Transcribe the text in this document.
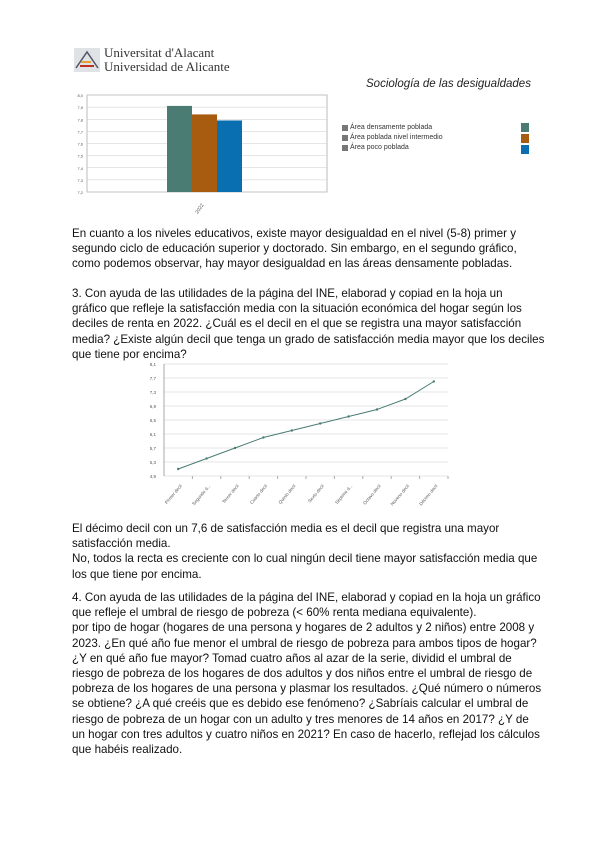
Universitat d'Alacant
Universidad de Alicante
Sociología de las desigualdades
8,0
7,9
7,8
7,7
7,6
7,5
7,4
7,3
7,2
2022
Área densamente poblada
Área poblada nivel intermedio
Área poco poblada
En cuanto a los niveles educativos, existe mayor desigualdad en el nivel (5-8) primer y
segundo ciclo de educación superior y doctorado. Sin embargo, en el segundo gráfico,
como podemos observar, hay mayor desigualdad en las áreas densamente pobladas.
3. Con ayuda de las utilidades de la página del INE, elaborad y copiad en la hoja un
gráfico que refleje la satisfacción media con la situación económica del hogar según los
deciles de renta en 2022. ¿Cuál es el decil en el que se registra una mayor satisfacción
media? ¿Existe algún decil que tenga un grado de satisfacción media mayor que los deciles
que tiene por encima?
8,1
7,7
7,3
6,9
6,5
6,1
5,7
5,3
4,9
Primer decil Segundo d... Tercer decil Cuarto decil Quinto decil Sexto decil Séptimo d... Octavo decil Noveno decil Décimo decil
El décimo decil con un 7,6 de satisfacción media es el decil que registra una mayor
satisfacción media.
No, todos la recta es creciente con lo cual ningún decil tiene mayor satisfacción media que
los que tiene por encima.
4. Con ayuda de las utilidades de la página del INE, elaborad y copiad en la hoja un gráfico
que refleje el umbral de riesgo de pobreza (< 60% renta mediana equivalente).
por tipo de hogar (hogares de una persona y hogares de 2 adultos y 2 niños) entre 2008 y
2023. ¿En qué año fue menor el umbral de riesgo de pobreza para ambos tipos de hogar?
¿Y en qué año fue mayor? Tomad cuatro años al azar de la serie, dividid el umbral de
riesgo de pobreza de los hogares de dos adultos y dos niños entre el umbral de riesgo de
pobreza de los hogares de una persona y plasmar los resultados. ¿Qué número o números
se obtiene? ¿A qué creéis que es debido ese fenómeno? ¿Sabríais calcular el umbral de
riesgo de pobreza de un hogar con un adulto y tres menores de 14 años en 2017? ¿Y de
un hogar con tres adultos y cuatro niños en 2021? En caso de hacerlo, reflejad los cálculos
que habéis realizado.
